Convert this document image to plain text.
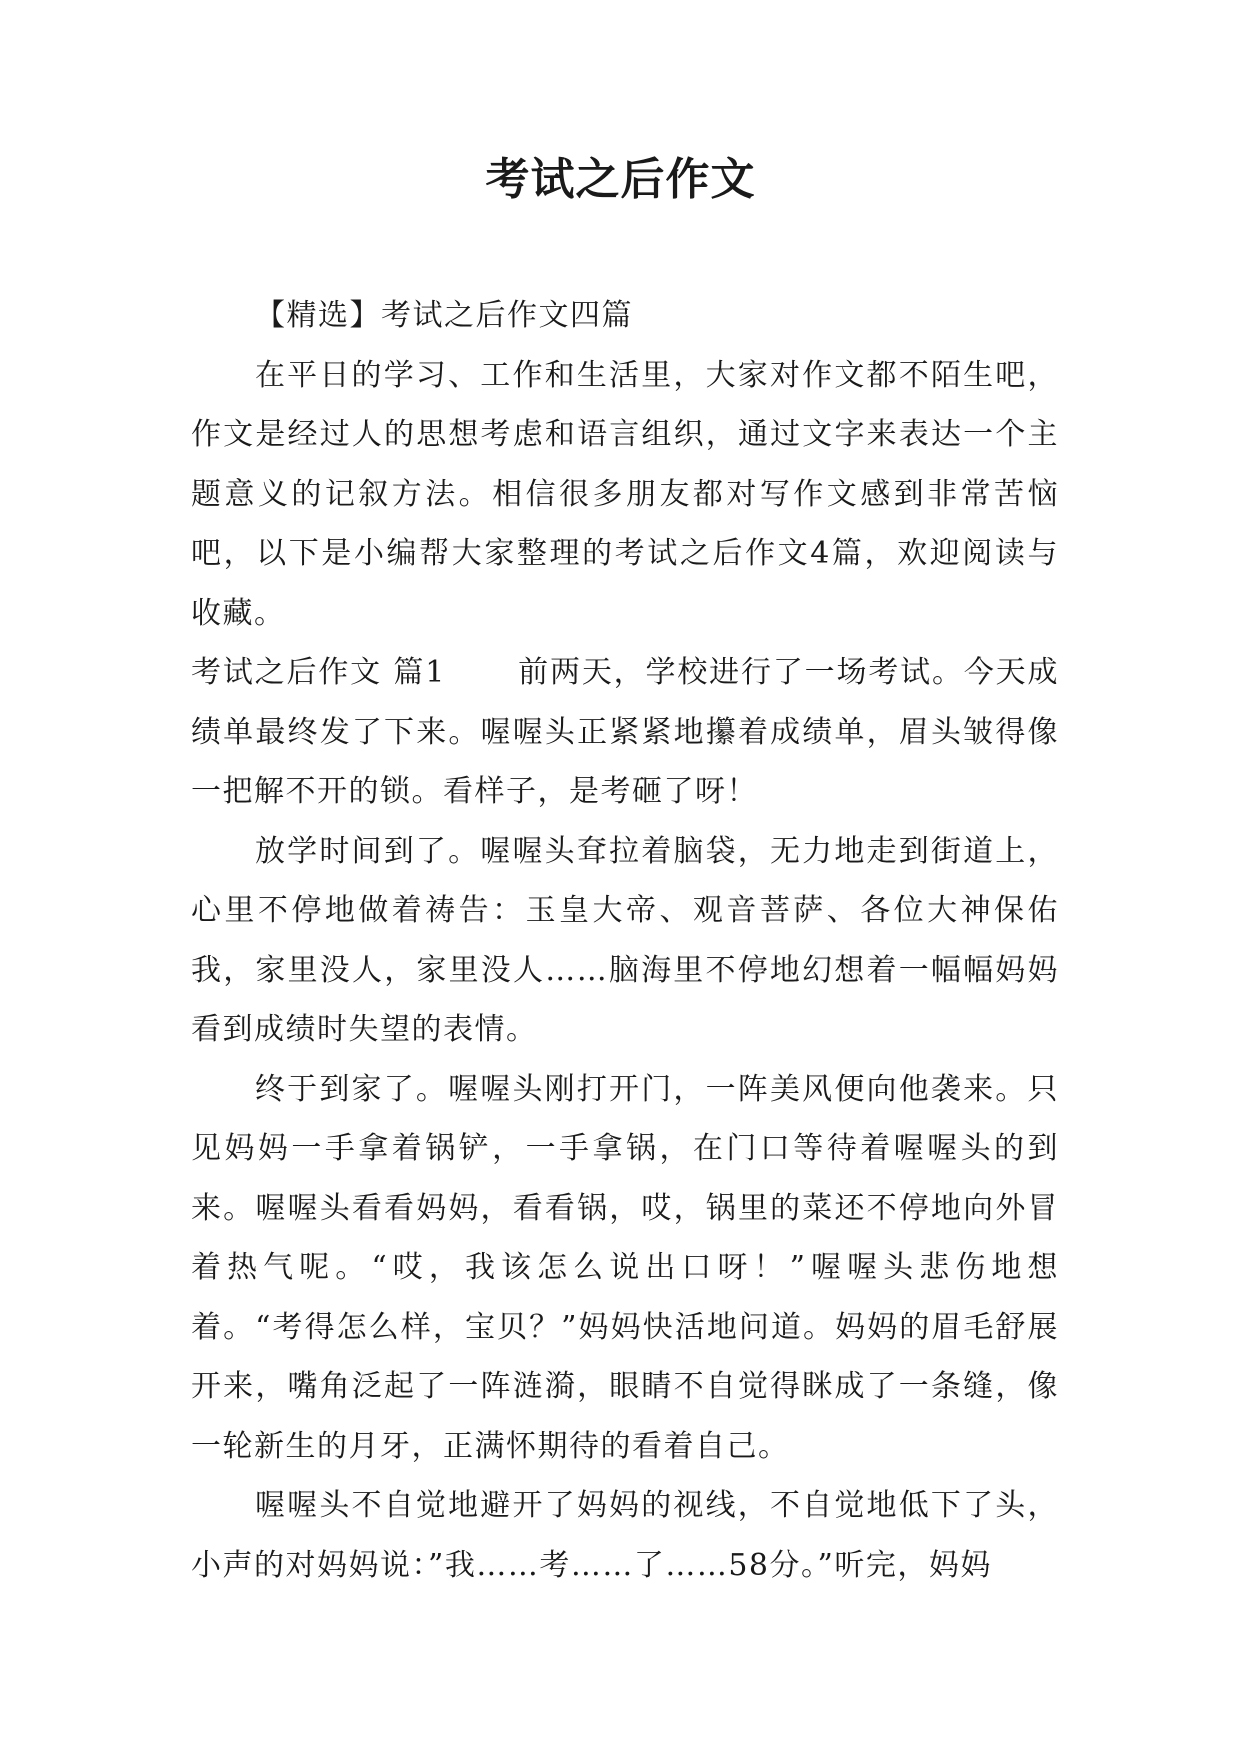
考试之后作文

【精选】考试之后作文四篇

在平日的学习、工作和生活里，大家对作文都不陌生吧，作文是经过人的思想考虑和语言组织，通过文字来表达一个主题意义的记叙方法。相信很多朋友都对写作文感到非常苦恼吧，以下是小编帮大家整理的考试之后作文4篇，欢迎阅读与收藏。

考试之后作文 篇1 前两天，学校进行了一场考试。今天成绩单最终发了下来。喔喔头正紧紧地攥着成绩单，眉头皱得像一把解不开的锁。看样子，是考砸了呀！

放学时间到了。喔喔头耷拉着脑袋，无力地走到街道上，心里不停地做着祷告：玉皇大帝、观音菩萨、各位大神保佑我，家里没人，家里没人……脑海里不停地幻想着一幅幅妈妈看到成绩时失望的表情。

终于到家了。喔喔头刚打开门，一阵美风便向他袭来。只见妈妈一手拿着锅铲，一手拿锅，在门口等待着喔喔头的到来。喔喔头看看妈妈，看看锅，哎，锅里的菜还不停地向外冒着热气呢。“哎，我该怎么说出口呀！”喔喔头悲伤地想着。“考得怎么样，宝贝？”妈妈快活地问道。妈妈的眉毛舒展开来，嘴角泛起了一阵涟漪，眼睛不自觉得眯成了一条缝，像一轮新生的月牙，正满怀期待的看着自己。

喔喔头不自觉地避开了妈妈的视线，不自觉地低下了头，小声的对妈妈说：”我……考……了……58分。”听完，妈妈
